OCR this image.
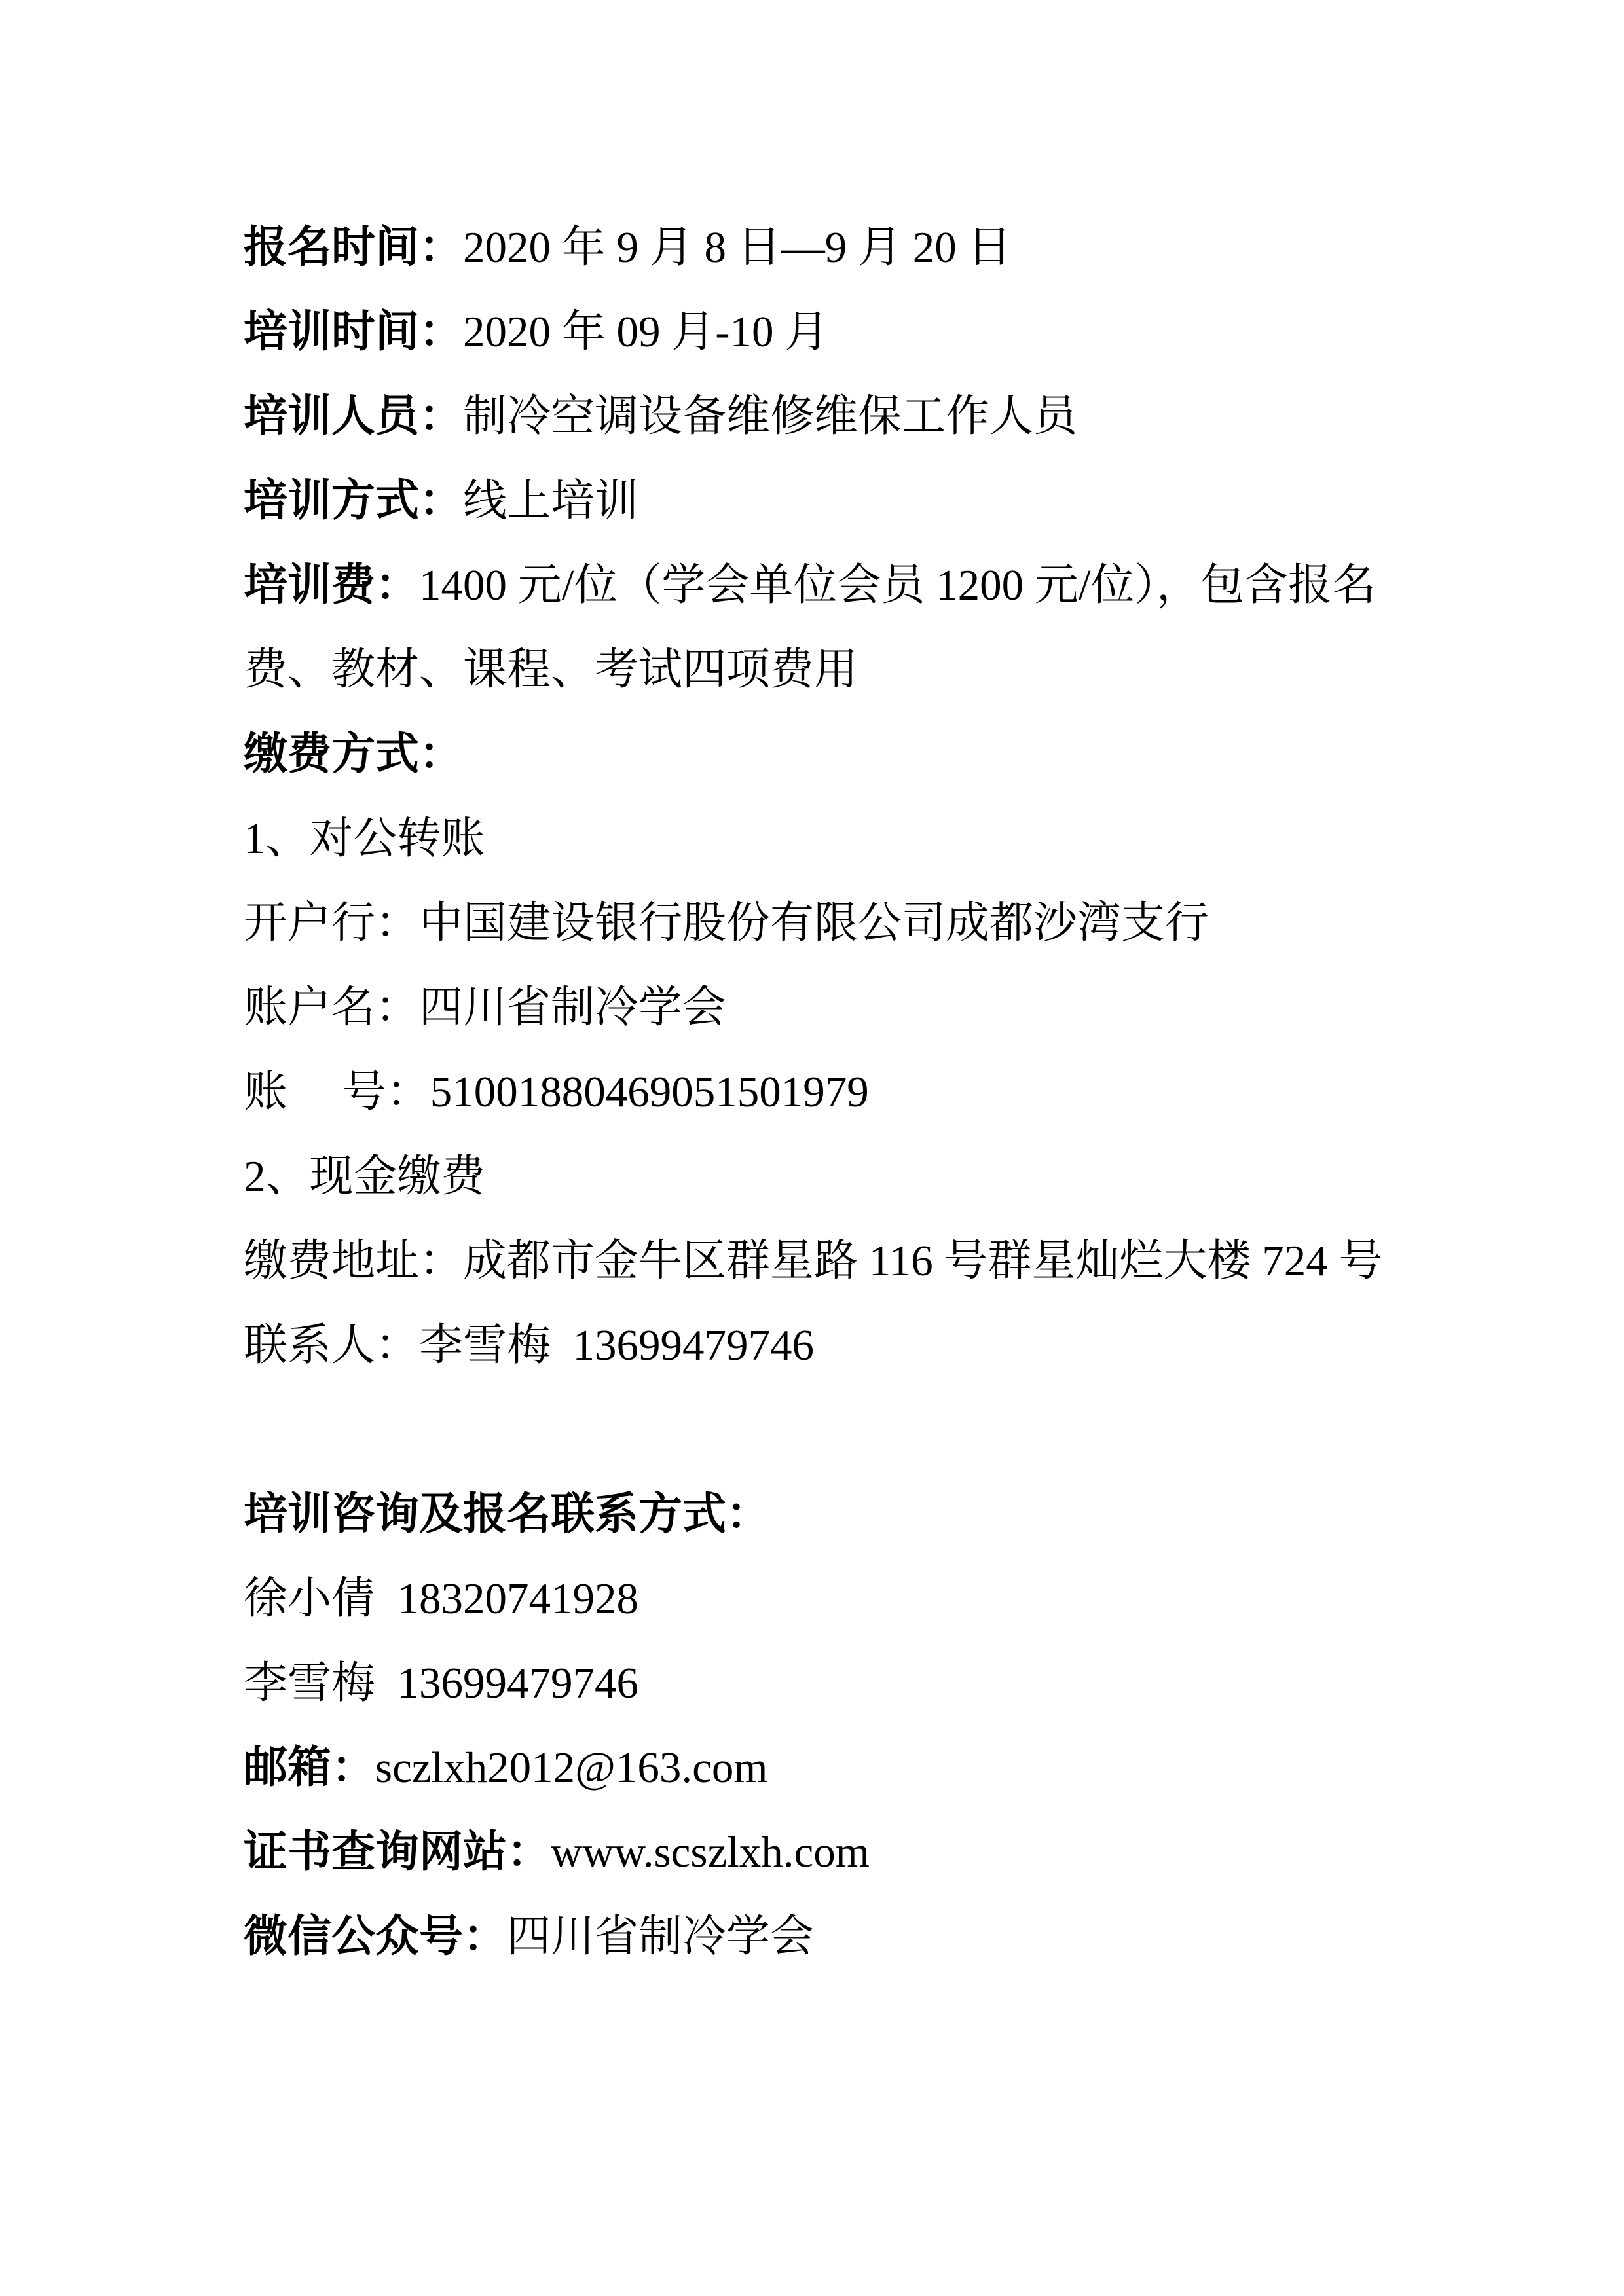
报名时间：2020 年 9 月 8 日—9 月 20 日
培训时间：2020 年 09 月-10 月
培训人员：制冷空调设备维修维保工作人员
培训方式：线上培训
培训费：1400 元/位（学会单位会员 1200 元/位），包含报名
费、教材、课程、考试四项费用
缴费方式：
1、对公转账
开户行：中国建设银行股份有限公司成都沙湾支行
账户名：四川省制冷学会
账　 号：51001880469051501979
2、现金缴费
缴费地址：成都市金牛区群星路 116 号群星灿烂大楼 724 号
联系人：李雪梅  13699479746
培训咨询及报名联系方式：
徐小倩  18320741928
李雪梅  13699479746
邮箱：sczlxh2012@163.com
证书查询网站：www.scszlxh.com
微信公众号：四川省制冷学会
